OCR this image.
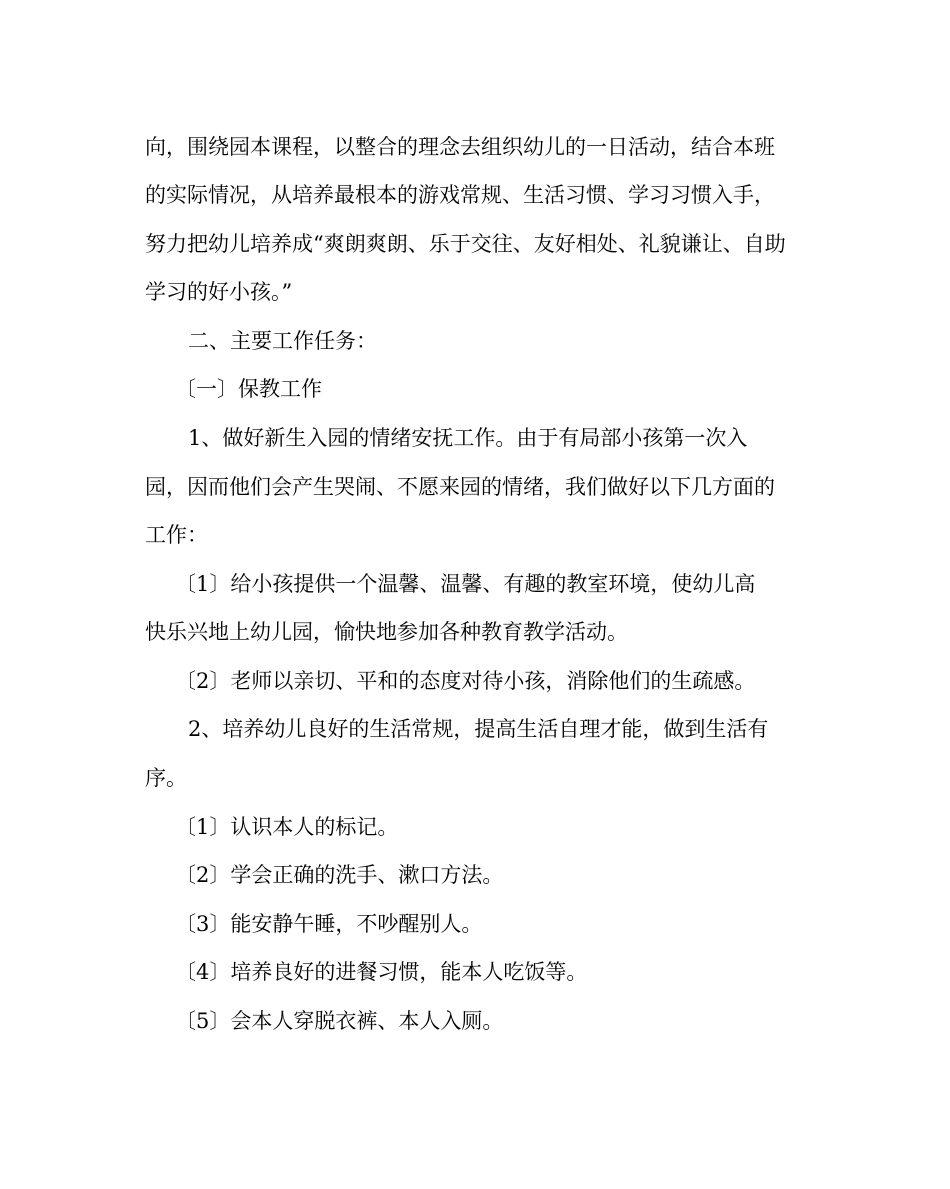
向，围绕园本课程，以整合的理念去组织幼儿的一日活动，结合本班
的实际情况，从培养最根本的游戏常规、生活习惯、学习习惯入手，
努力把幼儿培养成“爽朗爽朗、乐于交往、友好相处、礼貌谦让、自助
学习的好小孩。”
二、主要工作任务：
〔一〕保教工作
1、做好新生入园的情绪安抚工作。由于有局部小孩第一次入
园，因而他们会产生哭闹、不愿来园的情绪，我们做好以下几方面的
工作：
〔1〕给小孩提供一个温馨、温馨、有趣的教室环境，使幼儿高
快乐兴地上幼儿园，愉快地参加各种教育教学活动。
〔2〕老师以亲切、平和的态度对待小孩，消除他们的生疏感。
2、培养幼儿良好的生活常规，提高生活自理才能，做到生活有
序。
〔1〕认识本人的标记。
〔2〕学会正确的洗手、漱口方法。
〔3〕能安静午睡，不吵醒别人。
〔4〕培养良好的进餐习惯，能本人吃饭等。
〔5〕会本人穿脱衣裤、本人入厕。
